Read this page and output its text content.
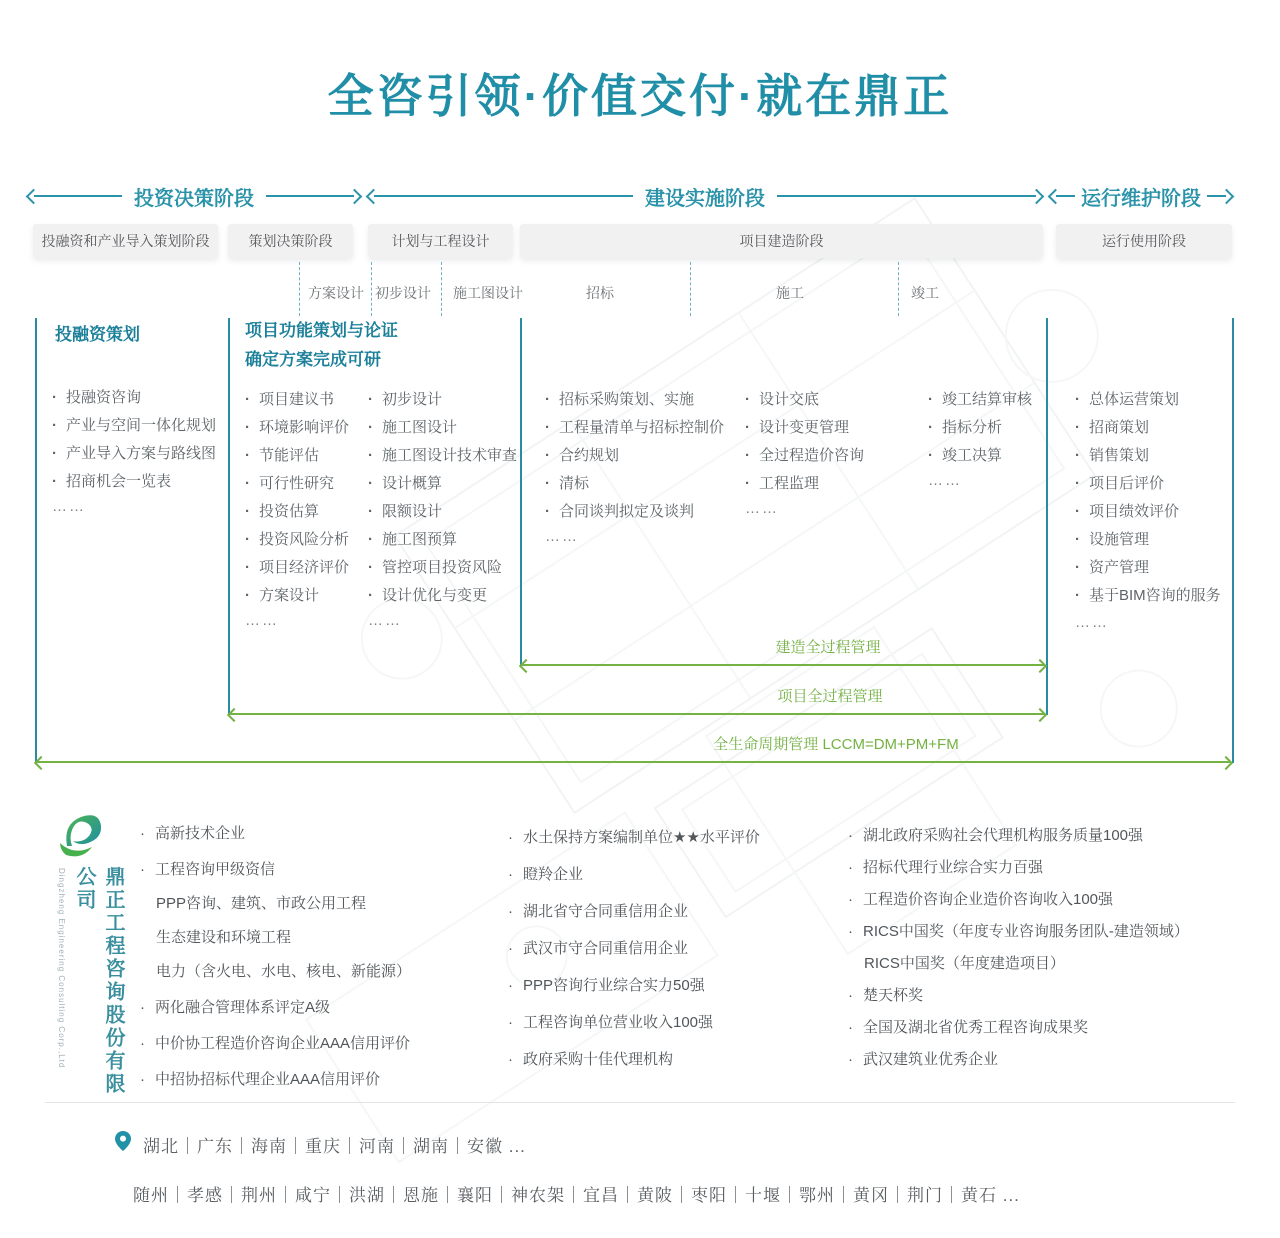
全咨引领·价值交付·就在鼎正
投资决策阶段	建设实施阶段	运行维护阶段
投融资和产业导入策划阶段	策划决策阶段	计划与工程设计	项目建造阶段	运行使用阶段
方案设计 初步设计 施工图设计	招标	施工	竣工
投融资策划	项目功能策划与论证
确定方案完成可研
· 投融资咨询
· 产业与空间一体化规划
· 产业导入方案与路线图
· 招商机会一览表
……
· 项目建议书
· 环境影响评价
· 节能评估
· 可行性研究
· 投资估算
· 投资风险分析
· 项目经济评价
· 方案设计
……
· 初步设计
· 施工图设计
· 施工图设计技术审查
· 设计概算
· 限额设计
· 施工图预算
· 管控项目投资风险
· 设计优化与变更
……
· 招标采购策划、实施
· 工程量清单与招标控制价
· 合约规划
· 清标
· 合同谈判拟定及谈判
……
· 设计交底
· 设计变更管理
· 全过程造价咨询
· 工程监理
……
· 竣工结算审核
· 指标分析
· 竣工决算
……
· 总体运营策划
· 招商策划
· 销售策划
· 项目后评价
· 项目绩效评价
· 设施管理
· 资产管理
· 基于BIM咨询的服务
……
建造全过程管理
项目全过程管理
全生命周期管理 LCCM=DM+PM+FM
鼎正工程咨询股份有限公司
Dingzheng Engineering Consulting Corp.,Ltd
· 高新技术企业
· 工程咨询甲级资信
PPP咨询、建筑、市政公用工程
生态建设和环境工程
电力（含火电、水电、核电、新能源）
· 两化融合管理体系评定A级
· 中价协工程造价咨询企业AAA信用评价
· 中招协招标代理企业AAA信用评价
· 水土保持方案编制单位★★水平评价
· 瞪羚企业
· 湖北省守合同重信用企业
· 武汉市守合同重信用企业
· PPP咨询行业综合实力50强
· 工程咨询单位营业收入100强
· 政府采购十佳代理机构
· 湖北政府采购社会代理机构服务质量100强
· 招标代理行业综合实力百强
· 工程造价咨询企业造价咨询收入100强
· RICS中国奖（年度专业咨询服务团队-建造领域）
RICS中国奖（年度建造项目）
· 楚天杯奖
· 全国及湖北省优秀工程咨询成果奖
· 武汉建筑业优秀企业
湖北｜广东｜海南｜重庆｜河南｜湖南｜安徽 ...
随州｜孝感｜荆州｜咸宁｜洪湖｜恩施｜襄阳｜神农架｜宜昌｜黄陂｜枣阳｜十堰｜鄂州｜黄冈｜荆门｜黄石 ...
